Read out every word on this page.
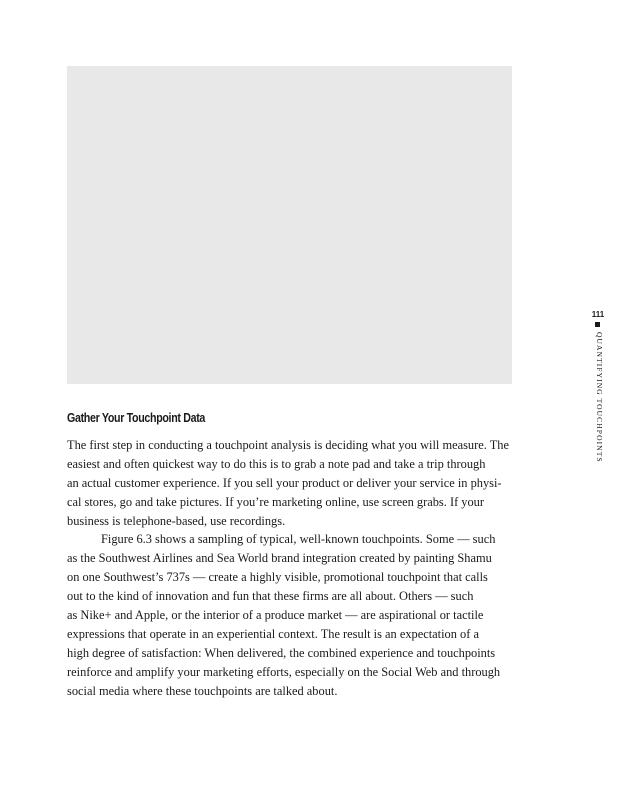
Gather Your Touchpoint Data
The first step in conducting a touchpoint analysis is deciding what you will measure. The
easiest and often quickest way to do this is to grab a note pad and take a trip through
an actual customer experience. If you sell your product or deliver your service in physi-
cal stores, go and take pictures. If you’re marketing online, use screen grabs. If your
business is telephone-based, use recordings.
Figure 6.3 shows a sampling of typical, well-known touchpoints. Some — such
as the Southwest Airlines and Sea World brand integration created by painting Shamu
on one Southwest’s 737s — create a highly visible, promotional touchpoint that calls
out to the kind of innovation and fun that these firms are all about. Others — such
as Nike+ and Apple, or the interior of a produce market — are aspirational or tactile
expressions that operate in an experiential context. The result is an expectation of a
high degree of satisfaction: When delivered, the combined experience and touchpoints
reinforce and amplify your marketing efforts, especially on the Social Web and through
social media where these touchpoints are talked about.
111
QUANTIFYING TOUCHPOINTS
